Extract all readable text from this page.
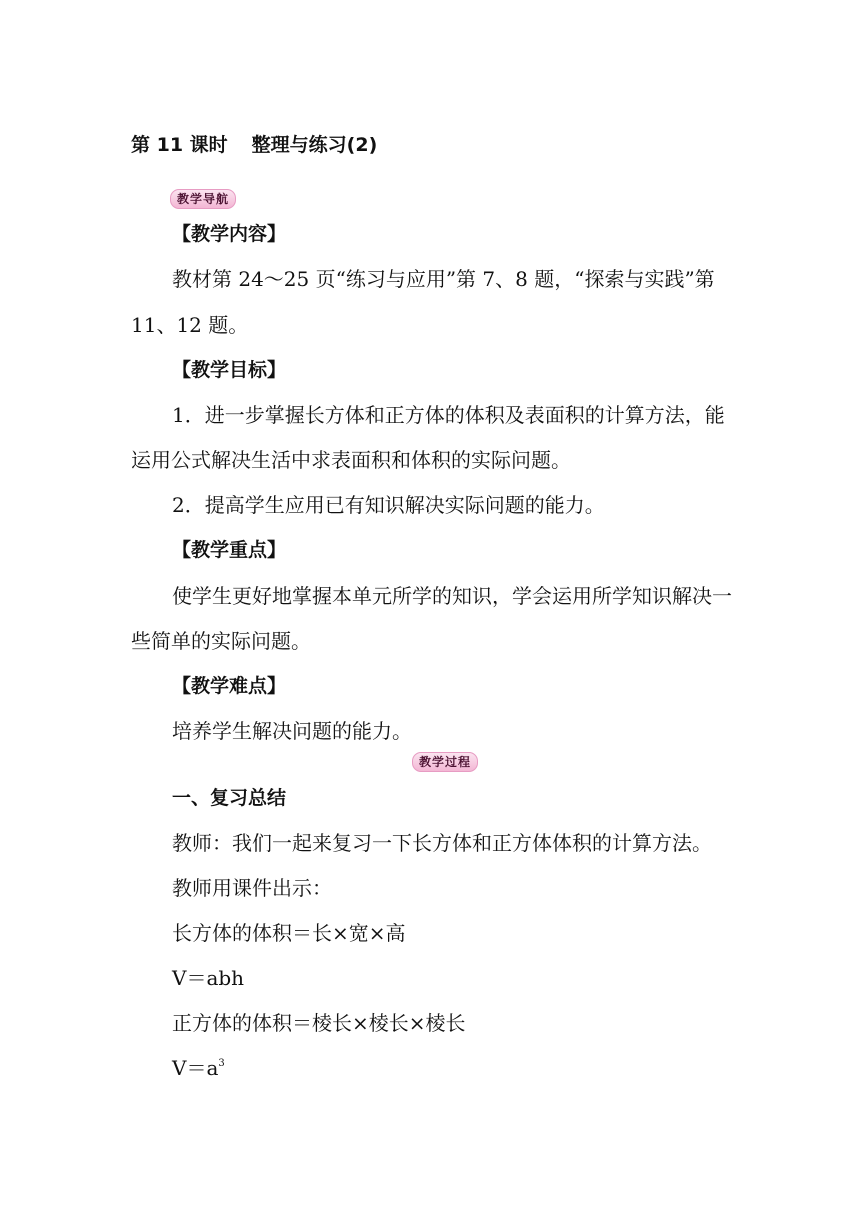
第 11 课时 整理与练习(2)
教学导航
【教学内容】
教材第 24～25 页“练习与应用”第 7、8 题，“探索与实践”第
11、12 题。
【教学目标】
1．进一步掌握长方体和正方体的体积及表面积的计算方法，能
运用公式解决生活中求表面积和体积的实际问题。
2．提高学生应用已有知识解决实际问题的能力。
【教学重点】
使学生更好地掌握本单元所学的知识，学会运用所学知识解决一
些简单的实际问题。
【教学难点】
培养学生解决问题的能力。
教学过程
一、复习总结
教师：我们一起来复习一下长方体和正方体体积的计算方法。
教师用课件出示：
长方体的体积＝长×宽×高
V＝abh
正方体的体积＝棱长×棱长×棱长
$V=a^3$
